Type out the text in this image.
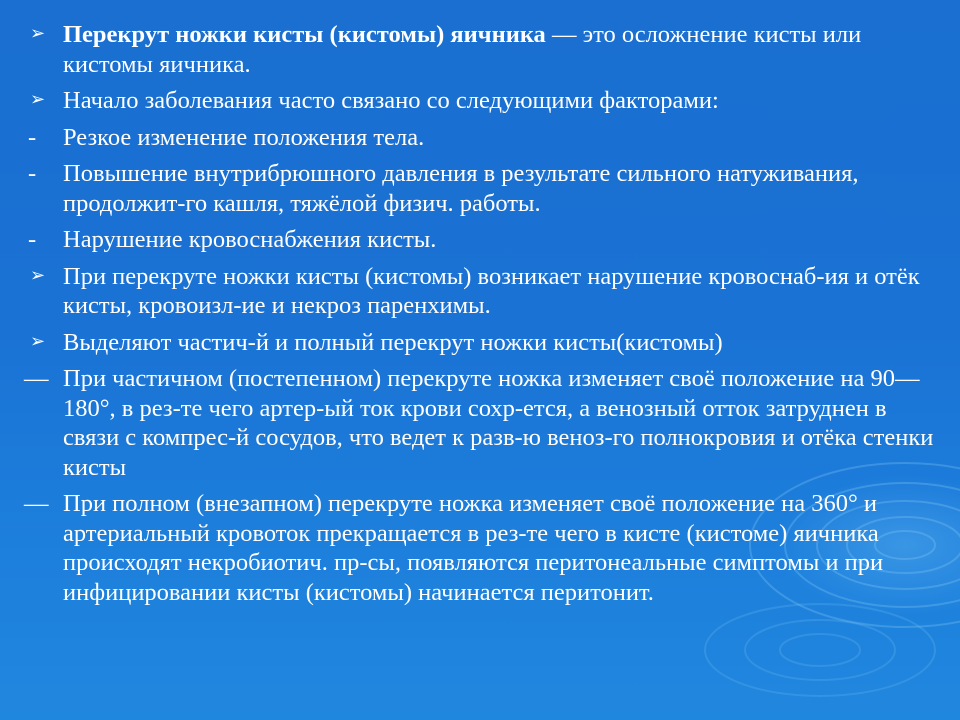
➢ Перекрут ножки кисты (кистомы) яичника — это осложнение кисты или кистомы яичника.
➢ Начало заболевания часто связано со следующими факторами:
- Резкое изменение положения тела.
- Повышение внутрибрюшного давления в результате сильного натуживания, продолжит-го кашля, тяжёлой физич. работы.
- Нарушение кровоснабжения кисты.
➢ При перекруте ножки кисты (кистомы) возникает нарушение кровоснаб-ия и отёк кисты, кровоизл-ие и некроз паренхимы.
➢ Выделяют частич-й и полный перекрут ножки кисты(кистомы)
— При частичном (постепенном) перекруте ножка изменяет своё положение на 90—180°, в рез-те чего артер-ый ток крови сохр-ется, а венозный отток затруднен в связи с компрес-й сосудов, что ведет к разв-ю веноз-го полнокровия и отёка стенки кисты
— При полном (внезапном) перекруте ножка изменяет своё положение на 360° и артериальный кровоток прекращается в рез-те чего в кисте (кистоме) яичника происходят некробиотич. пр-сы, появляются перитонеальные симптомы и при инфицировании кисты (кистомы) начинается перитонит.
